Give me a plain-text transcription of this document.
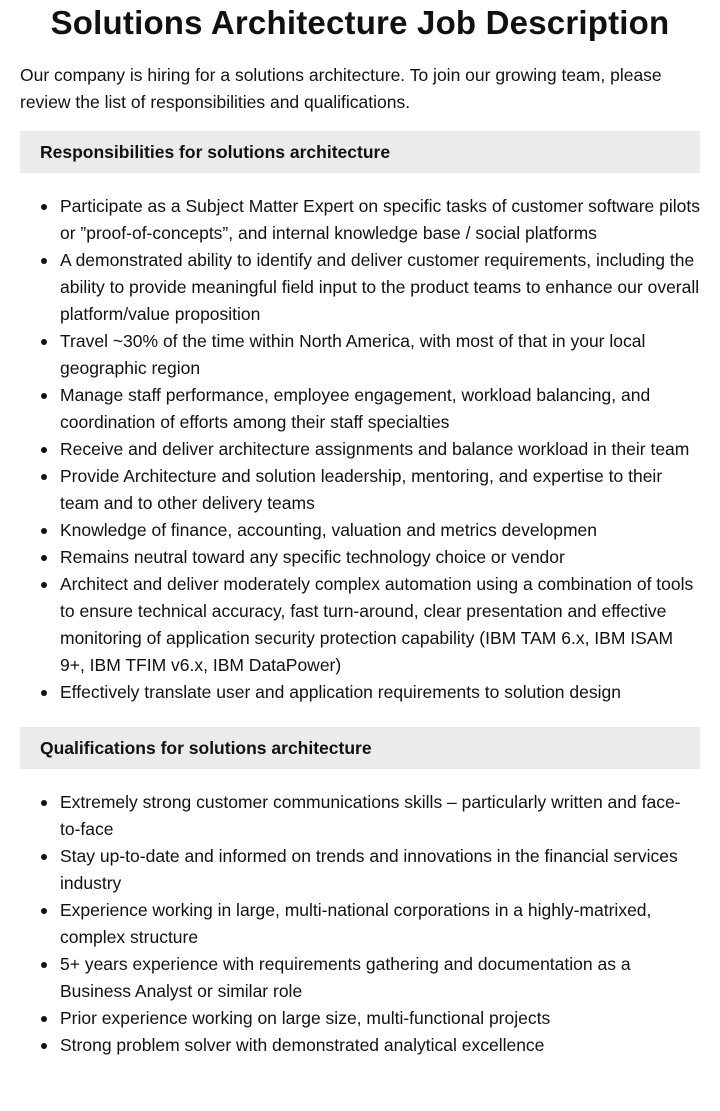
Solutions Architecture Job Description

Our company is hiring for a solutions architecture. To join our growing team, please review the list of responsibilities and qualifications.

Responsibilities for solutions architecture
Participate as a Subject Matter Expert on specific tasks of customer software pilots or ”proof-of-concepts”, and internal knowledge base / social platforms
A demonstrated ability to identify and deliver customer requirements, including the ability to provide meaningful field input to the product teams to enhance our overall platform/value proposition
Travel ~30% of the time within North America, with most of that in your local geographic region
Manage staff performance, employee engagement, workload balancing, and coordination of efforts among their staff specialties
Receive and deliver architecture assignments and balance workload in their team
Provide Architecture and solution leadership, mentoring, and expertise to their team and to other delivery teams
Knowledge of finance, accounting, valuation and metrics developmen
Remains neutral toward any specific technology choice or vendor
Architect and deliver moderately complex automation using a combination of tools to ensure technical accuracy, fast turn-around, clear presentation and effective monitoring of application security protection capability (IBM TAM 6.x, IBM ISAM 9+, IBM TFIM v6.x, IBM DataPower)
Effectively translate user and application requirements to solution design
Qualifications for solutions architecture
Extremely strong customer communications skills – particularly written and face-to-face
Stay up-to-date and informed on trends and innovations in the financial services industry
Experience working in large, multi-national corporations in a highly-matrixed, complex structure
5+ years experience with requirements gathering and documentation as a Business Analyst or similar role
Prior experience working on large size, multi-functional projects
Strong problem solver with demonstrated analytical excellence
